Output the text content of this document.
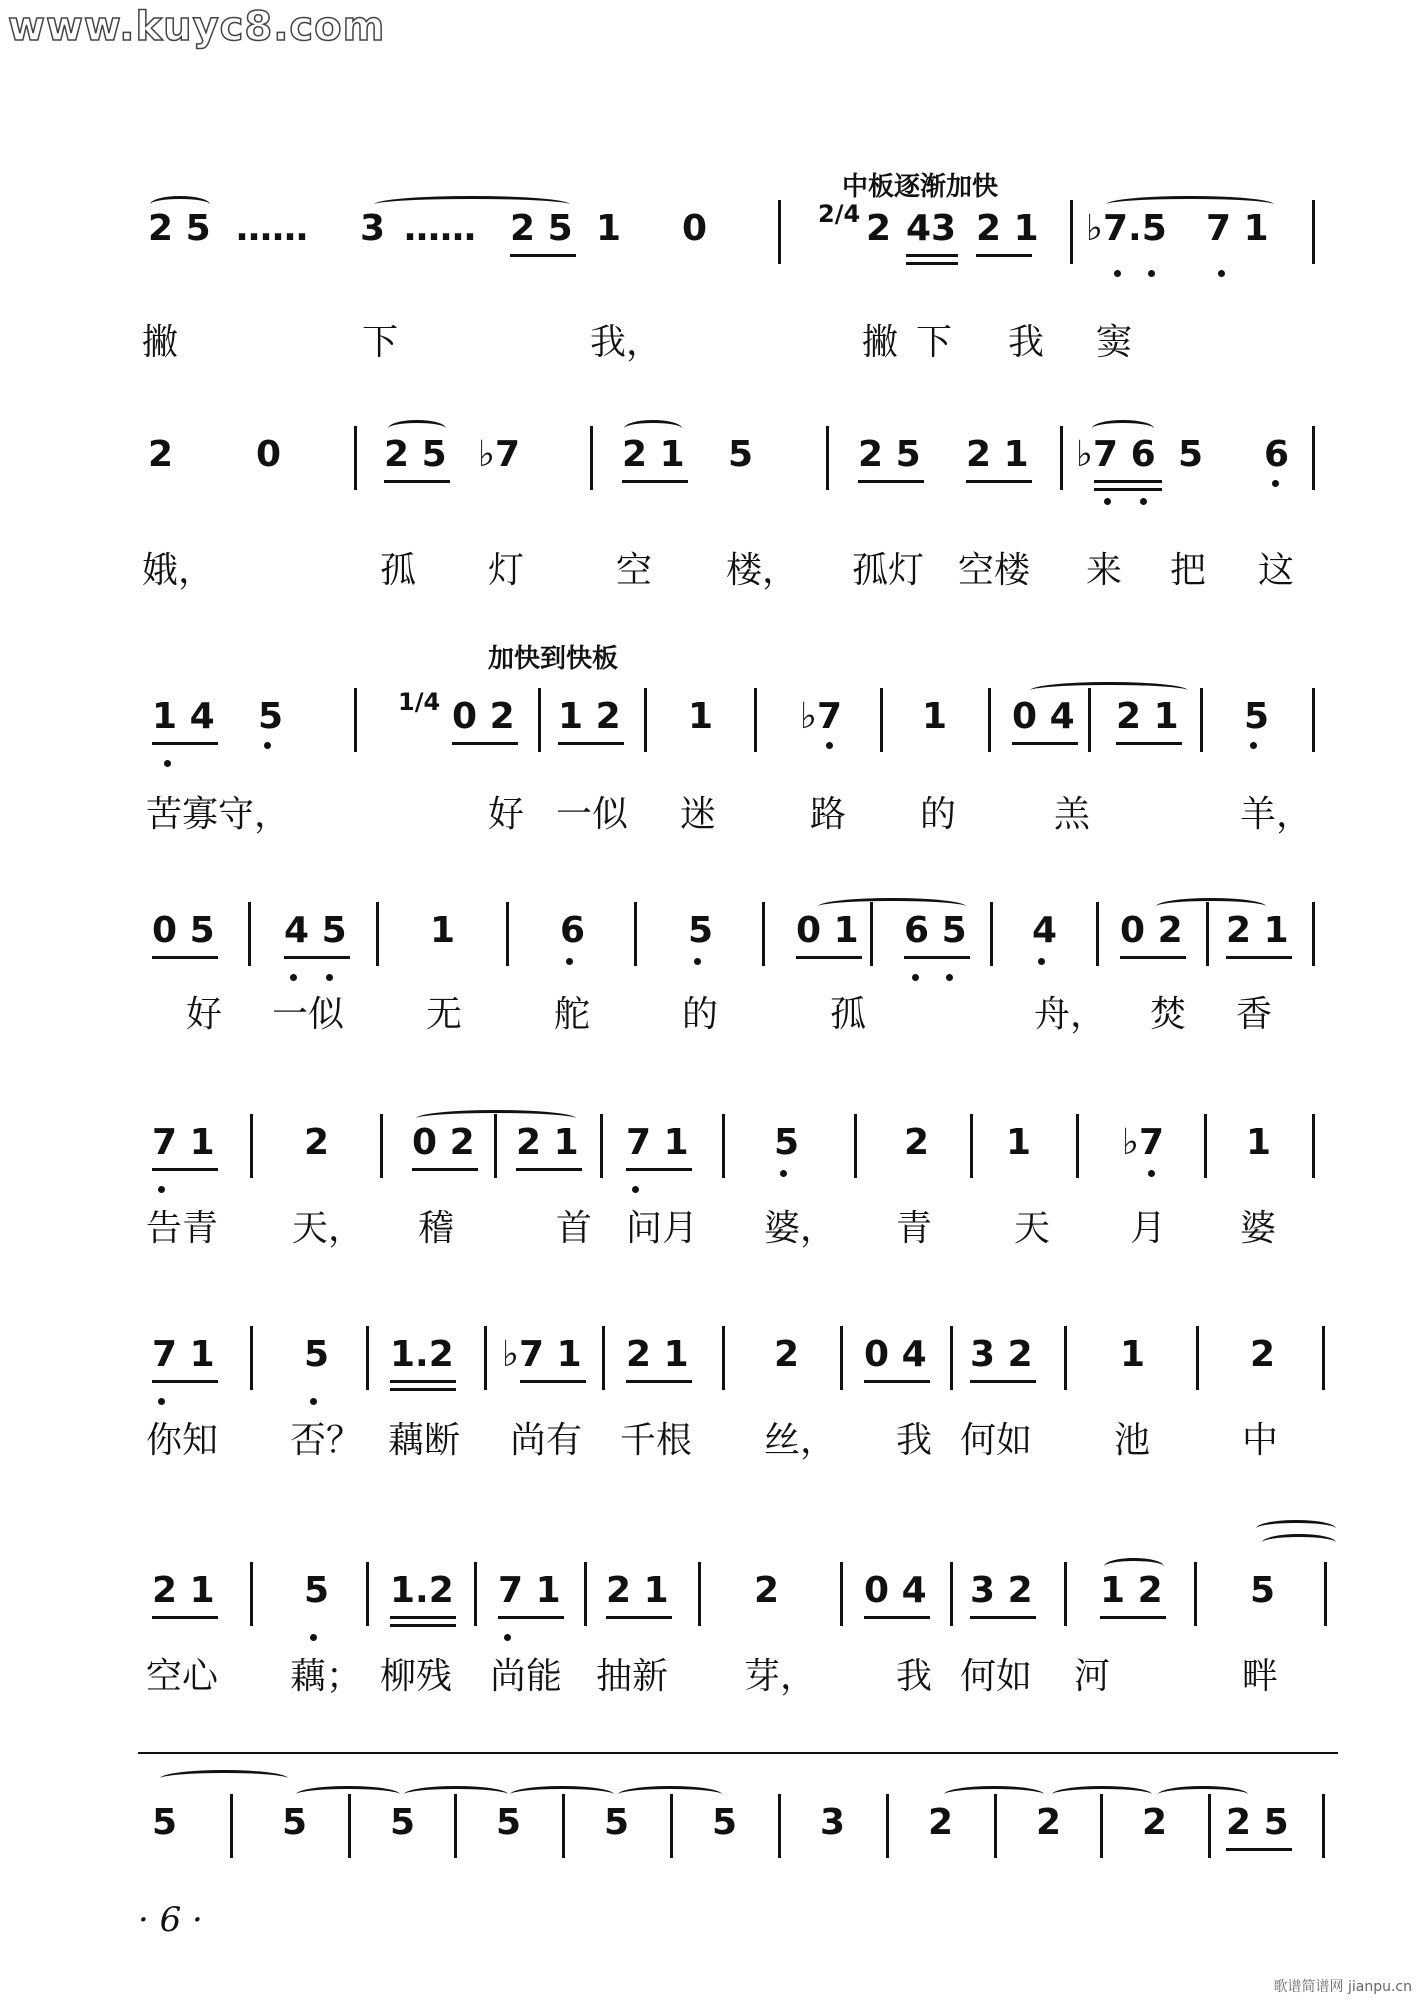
www.kuyc8.com
中板逐渐加快
加快到快板
2 5 …… 3 …… 2 5 1 0	2/4 2 43 2 1 ♭7.5 7 1
撇	下	我，	撇 下 我 窦
2 0	2 5 ♭7	2 1 5	2 5 2 1 ♭7 6 5 6
娥，	孤 灯	空 楼， 孤灯 空楼 来 把 这
1 4 5	1/4 0 2 1 2 1 ♭7 1 0 4 2 1 5
苦寡守，	好 一似 迷	路 的	羔	羊，
0 5 4 5 1	6	5 0 1 6 5 4 0 2 2 1
好 一似 无	舵	的	孤	舟， 焚 香
7 1 2 0 2 2 1 7 1 5	2 1	♭7 1
告青 天， 稽	首 问月 婆， 青 天 月 婆
7 1 5 1.2 ♭7 1 2 1 2 0 4 3 2 1	2
你知 否？ 藕断 尚有 千根 丝， 我 何如 池	中
2 1 5 1.2 7 1 2 1 2 0 4 3 2 1 2 5
空心 藕； 柳残 尚能 抽新 芽， 我 何如 河	畔
5	5 5 5 5 5 3 2 2 2 2 5
· 6 ·
歌谱简谱网 jianpu.cn
